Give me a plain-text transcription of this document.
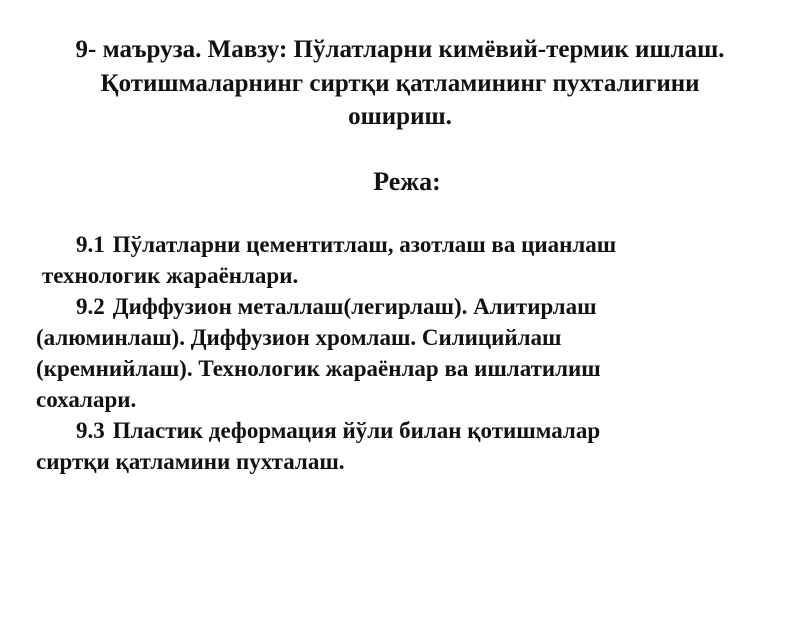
9- маъруза. Мавзу: Пўлатларни кимёвий-термик ишлаш.
Қотишмаларнинг сиртқи қатламининг пухталигини
ошириш.
Режа:
9.1 Пўлатларни цементитлаш, азотлаш ва цианлаш
технологик жараёнлари.
9.2 Диффузион металлаш(легирлаш). Алитирлаш
(алюминлаш). Диффузион хромлаш. Силицийлаш
(кремнийлаш). Технологик жараёнлар ва ишлатилиш
сохалари.
9.3 Пластик деформация йўли билан қотишмалар
сиртқи қатламини пухталаш.
